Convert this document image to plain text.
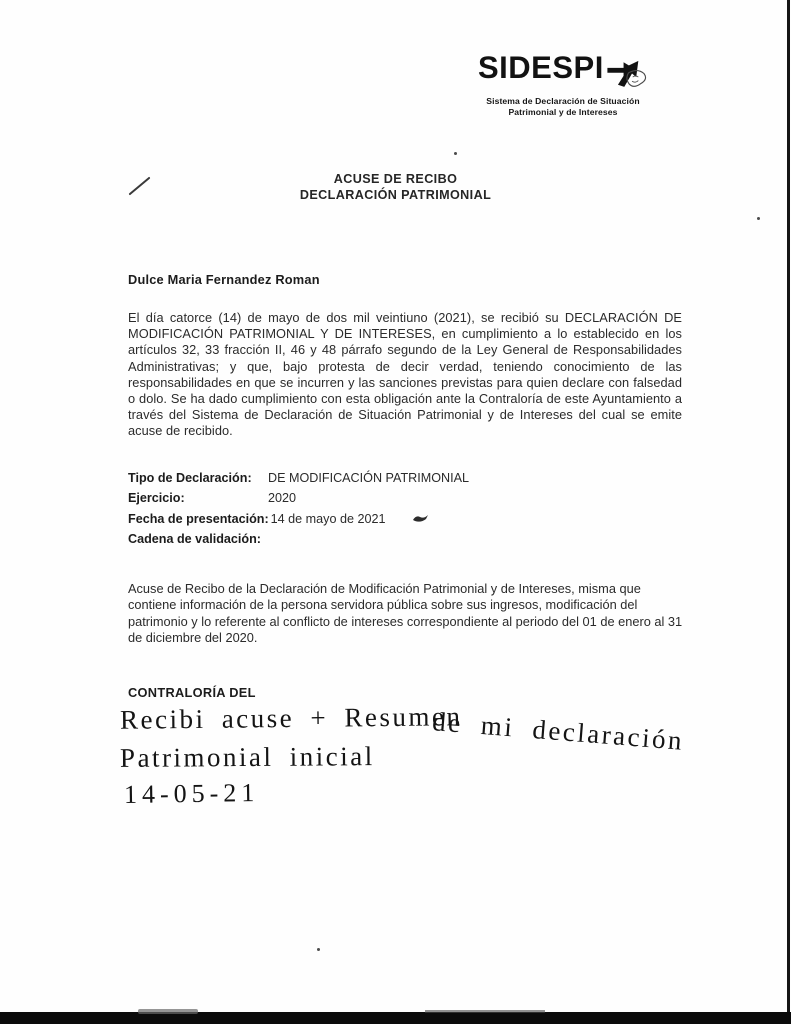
SIDESPI
Sistema de Declaración de Situación
Patrimonial y de Intereses
ACUSE DE RECIBO
DECLARACIÓN PATRIMONIAL
Dulce Maria Fernandez Roman

El día catorce (14) de mayo de dos mil veintiuno (2021), se recibió su DECLARACIÓN DE MODIFICACIÓN PATRIMONIAL Y DE INTERESES, en cumplimiento a lo establecido en los artículos 32, 33 fracción II, 46 y 48 párrafo segundo de la Ley General de Responsabilidades Administrativas; y que, bajo protesta de decir verdad, teniendo conocimiento de las responsabilidades en que se incurren y las sanciones previstas para quien declare con falsedad o dolo. Se ha dado cumplimiento con esta obligación ante la Contraloría de este Ayuntamiento a través del Sistema de Declaración de Situación Patrimonial y de Intereses del cual se emite acuse de recibido.

Tipo de Declaración:	DE MODIFICACIÓN PATRIMONIAL
Ejercicio:	2020
Fecha de presentación: 14 de mayo de 2021
Cadena de validación:

Acuse de Recibo de la Declaración de Modificación Patrimonial y de Intereses, misma que contiene información de la persona servidora pública sobre sus ingresos, modificación del patrimonio y lo referente al conflicto de intereses correspondiente al periodo del 01 de enero al 31 de diciembre del 2020.

CONTRALORÍA DEL
Recibi acuse + Resumen
de mi declaración
Patrimonial inicial
14-05-21
